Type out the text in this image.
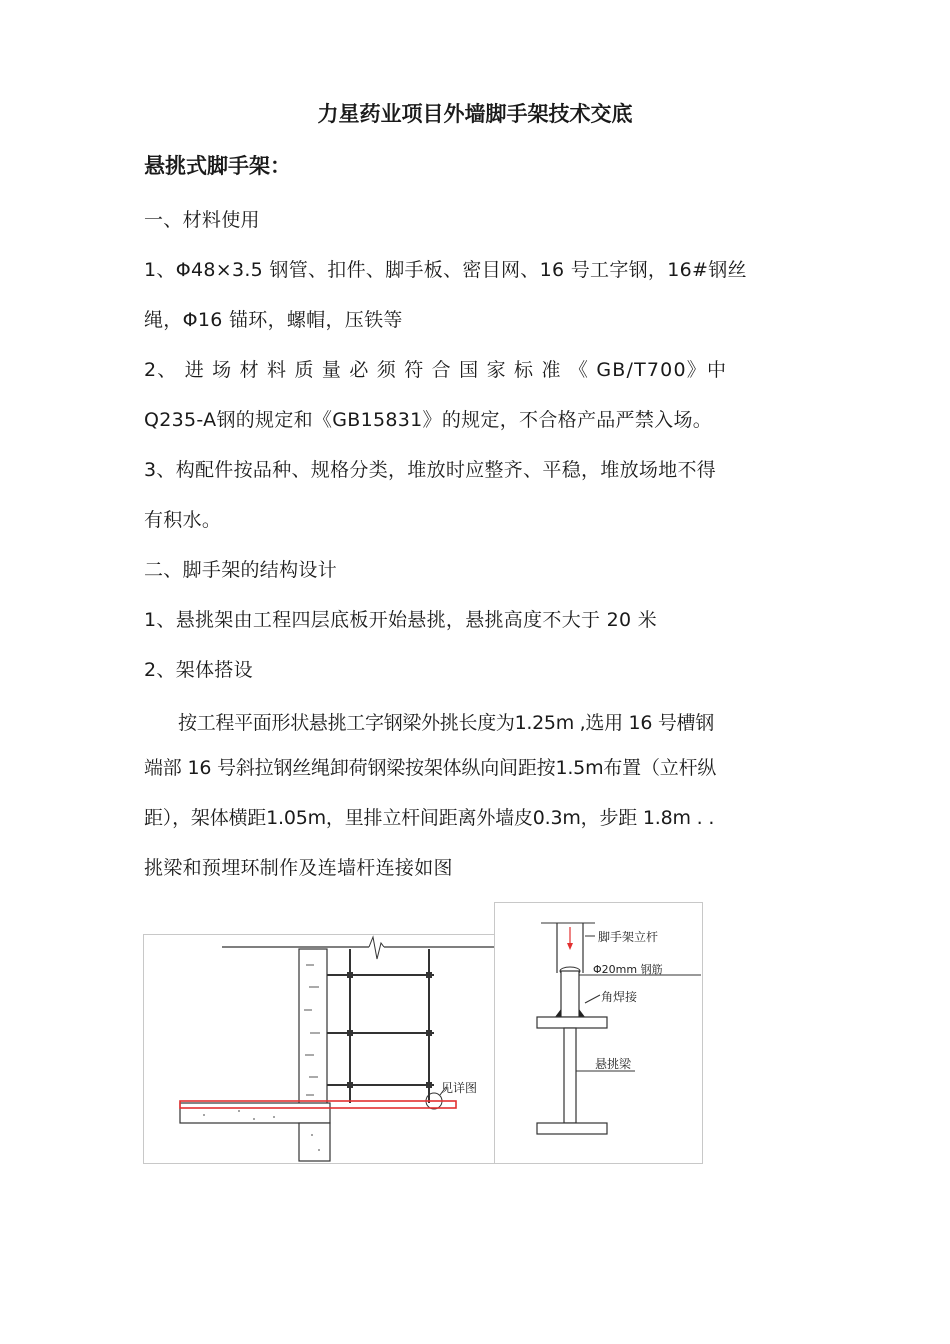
力星药业项目外墙脚手架技术交底
悬挑式脚手架：
一、材料使用
1、Φ48×3.5 钢管、扣件、脚手板、密目网、16 号工字钢，16#钢丝
绳，Φ16 锚环，螺帽，压铁等
2、 进 场 材 料 质 量 必 须 符 合 国 家 标 准 《 GB/T700》中
Q235-A钢的规定和《GB15831》的规定，不合格产品严禁入场。
3、构配件按品种、规格分类，堆放时应整齐、平稳，堆放场地不得
有积水。
二、脚手架的结构设计
1、悬挑架由工程四层底板开始悬挑，悬挑高度不大于 20 米
2、架体搭设
按工程平面形状悬挑工字钢梁外挑长度为1.25m ,选用 16 号槽钢
端部 16 号斜拉钢丝绳卸荷钢梁按架体纵向间距按1.5m布置（立杆纵
距），架体横距1.05m，里排立杆间距离外墙皮0.3m，步距 1.8m . .
挑梁和预埋环制作及连墙杆连接如图
见详图
脚手架立杆
Φ20mm 钢筋
角焊接
悬挑梁
